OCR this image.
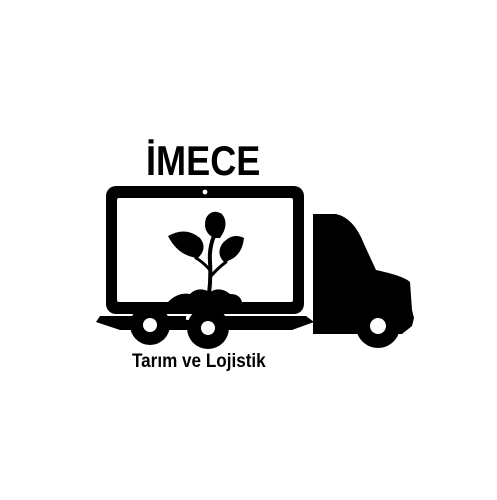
İMECE
Tarım ve Lojistik
